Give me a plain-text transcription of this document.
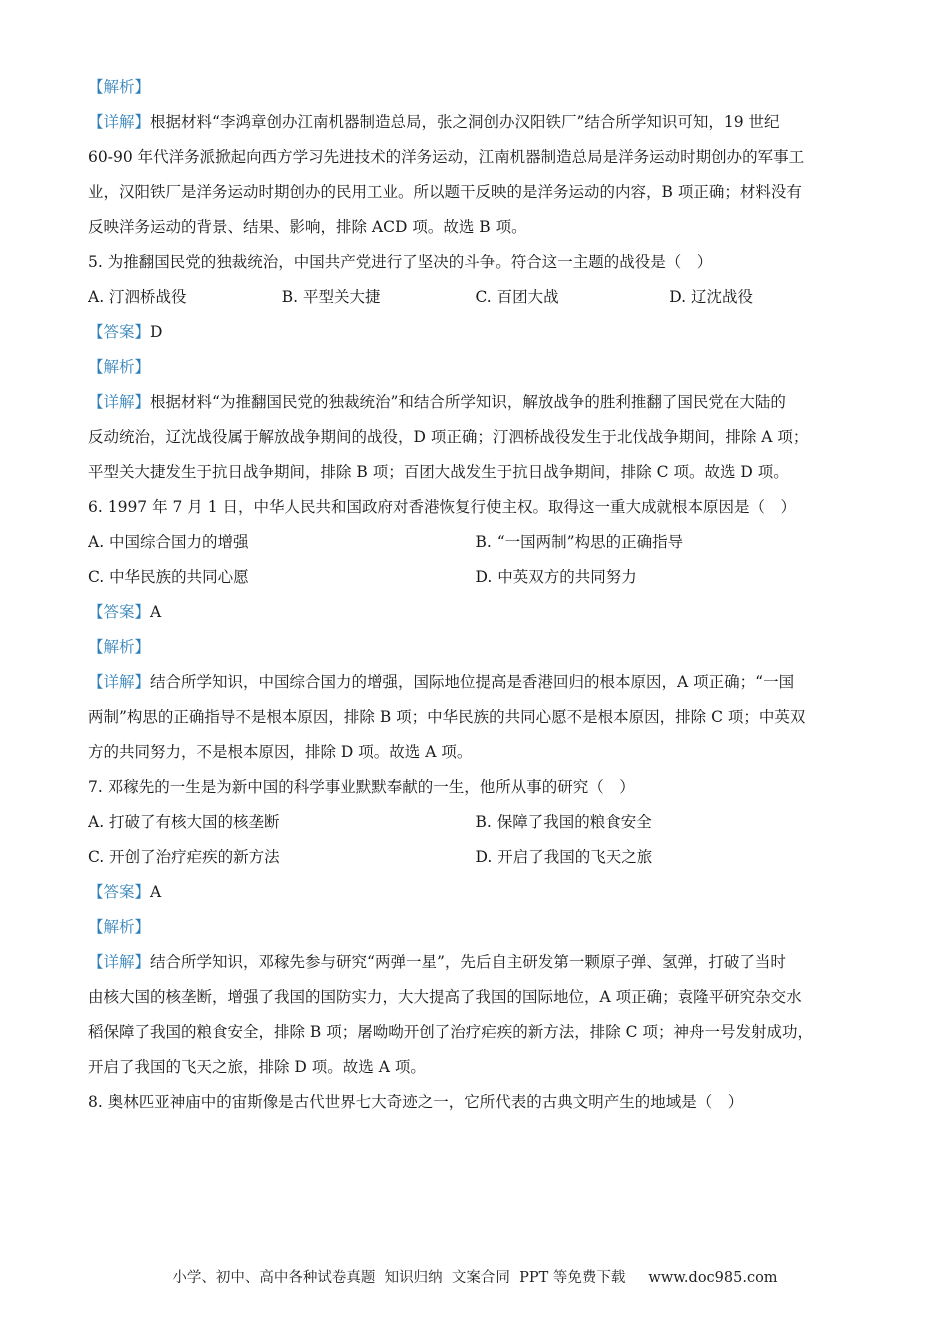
【解析】
【详解】根据材料“李鸿章创办江南机器制造总局，张之洞创办汉阳铁厂”结合所学知识可知，19 世纪
60-90 年代洋务派掀起向西方学习先进技术的洋务运动，江南机器制造总局是洋务运动时期创办的军事工
业，汉阳铁厂是洋务运动时期创办的民用工业。所以题干反映的是洋务运动的内容，B 项正确；材料没有
反映洋务运动的背景、结果、影响，排除 ACD 项。故选 B 项。
5. 为推翻国民党的独裁统治，中国共产党进行了坚决的斗争。符合这一主题的战役是（　）
A. 汀泗桥战役	B. 平型关大捷	C. 百团大战	D. 辽沈战役
【答案】D
【解析】
【详解】根据材料“为推翻国民党的独裁统治”和结合所学知识，解放战争的胜利推翻了国民党在大陆的
反动统治，辽沈战役属于解放战争期间的战役，D 项正确；汀泗桥战役发生于北伐战争期间，排除 A 项；
平型关大捷发生于抗日战争期间，排除 B 项；百团大战发生于抗日战争期间，排除 C 项。故选 D 项。
6. 1997 年 7 月 1 日，中华人民共和国政府对香港恢复行使主权。取得这一重大成就根本原因是（　）
A. 中国综合国力的增强	B. “一国两制”构思的正确指导
C. 中华民族的共同心愿	D. 中英双方的共同努力
【答案】A
【解析】
【详解】结合所学知识，中国综合国力的增强，国际地位提高是香港回归的根本原因，A 项正确；“一国
两制”构思的正确指导不是根本原因，排除 B 项；中华民族的共同心愿不是根本原因，排除 C 项；中英双
方的共同努力，不是根本原因，排除 D 项。故选 A 项。
7. 邓稼先的一生是为新中国的科学事业默默奉献的一生，他所从事的研究（　）
A. 打破了有核大国的核垄断	B. 保障了我国的粮食安全
C. 开创了治疗疟疾的新方法	D. 开启了我国的飞天之旅
【答案】A
【解析】
【详解】结合所学知识，邓稼先参与研究“两弹一星”，先后自主研发第一颗原子弹、氢弹，打破了当时
由核大国的核垄断，增强了我国的国防实力，大大提高了我国的国际地位，A 项正确；袁隆平研究杂交水
稻保障了我国的粮食安全，排除 B 项；屠呦呦开创了治疗疟疾的新方法，排除 C 项；神舟一号发射成功，
开启了我国的飞天之旅，排除 D 项。故选 A 项。
8. 奥林匹亚神庙中的宙斯像是古代世界七大奇迹之一，它所代表的古典文明产生的地域是（　）
小学、初中、高中各种试卷真题  知识归纳  文案合同  PPT 等免费下载     www.doc985.com
